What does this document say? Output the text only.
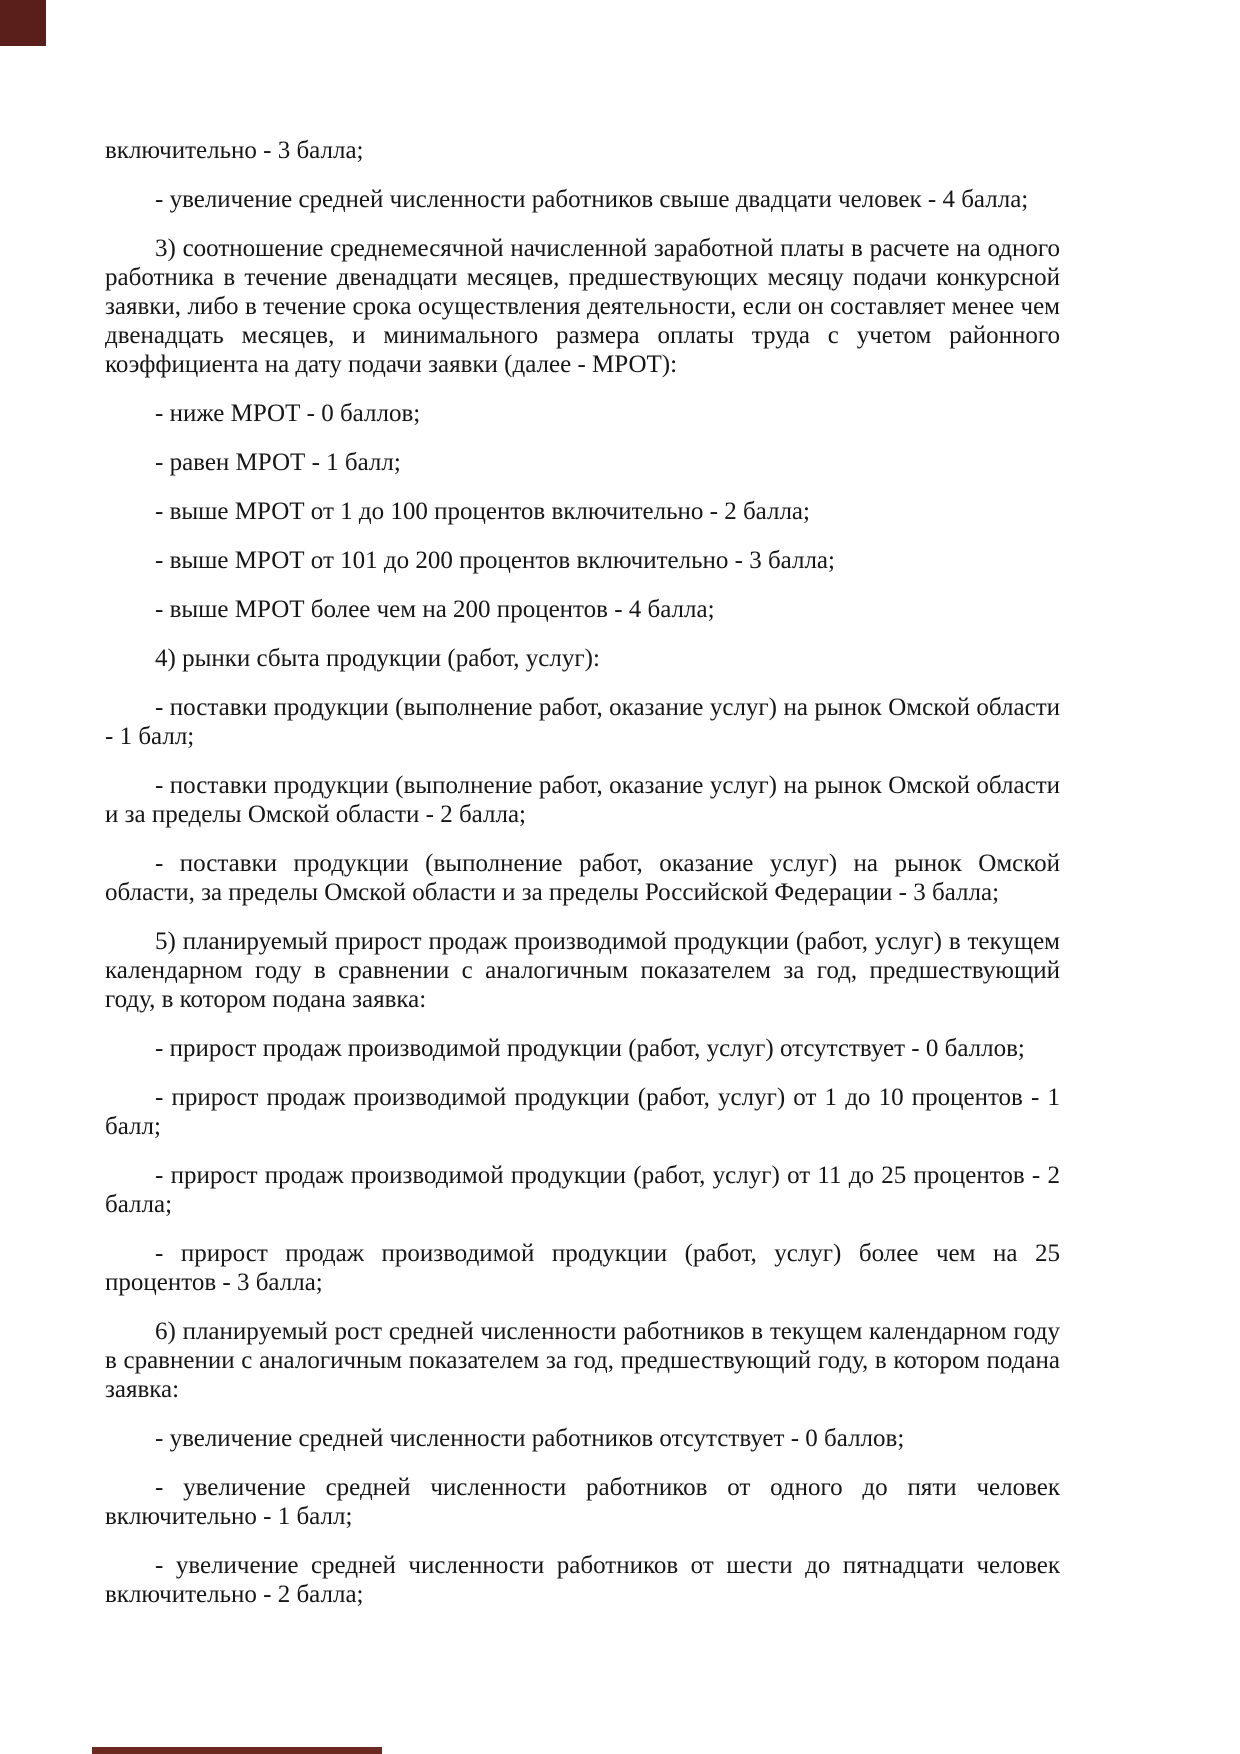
включительно - 3 балла;

- увеличение средней численности работников свыше двадцати человек - 4 балла;

3) соотношение среднемесячной начисленной заработной платы в расчете на одного работника в течение двенадцати месяцев, предшествующих месяцу подачи конкурсной заявки, либо в течение срока осуществления деятельности, если он составляет менее чем двенадцать месяцев, и минимального размера оплаты труда с учетом районного коэффициента на дату подачи заявки (далее - МРОТ):

- ниже МРОТ - 0 баллов;

- равен МРОТ - 1 балл;

- выше МРОТ от 1 до 100 процентов включительно - 2 балла;

- выше МРОТ от 101 до 200 процентов включительно - 3 балла;

- выше МРОТ более чем на 200 процентов - 4 балла;

4) рынки сбыта продукции (работ, услуг):

- поставки продукции (выполнение работ, оказание услуг) на рынок Омской области - 1 балл;

- поставки продукции (выполнение работ, оказание услуг) на рынок Омской области и за пределы Омской области - 2 балла;

- поставки продукции (выполнение работ, оказание услуг) на рынок Омской области, за пределы Омской области и за пределы Российской Федерации - 3 балла;

5) планируемый прирост продаж производимой продукции (работ, услуг) в текущем календарном году в сравнении с аналогичным показателем за год, предшествующий году, в котором подана заявка:

- прирост продаж производимой продукции (работ, услуг) отсутствует - 0 баллов;

- прирост продаж производимой продукции (работ, услуг) от 1 до 10 процентов - 1 балл;

- прирост продаж производимой продукции (работ, услуг) от 11 до 25 процентов - 2 балла;

- прирост продаж производимой продукции (работ, услуг) более чем на 25 процентов - 3 балла;

6) планируемый рост средней численности работников в текущем календарном году в сравнении с аналогичным показателем за год, предшествующий году, в котором подана заявка:

- увеличение средней численности работников отсутствует - 0 баллов;

- увеличение средней численности работников от одного до пяти человек включительно - 1 балл;

- увеличение средней численности работников от шести до пятнадцати человек включительно - 2 балла;
